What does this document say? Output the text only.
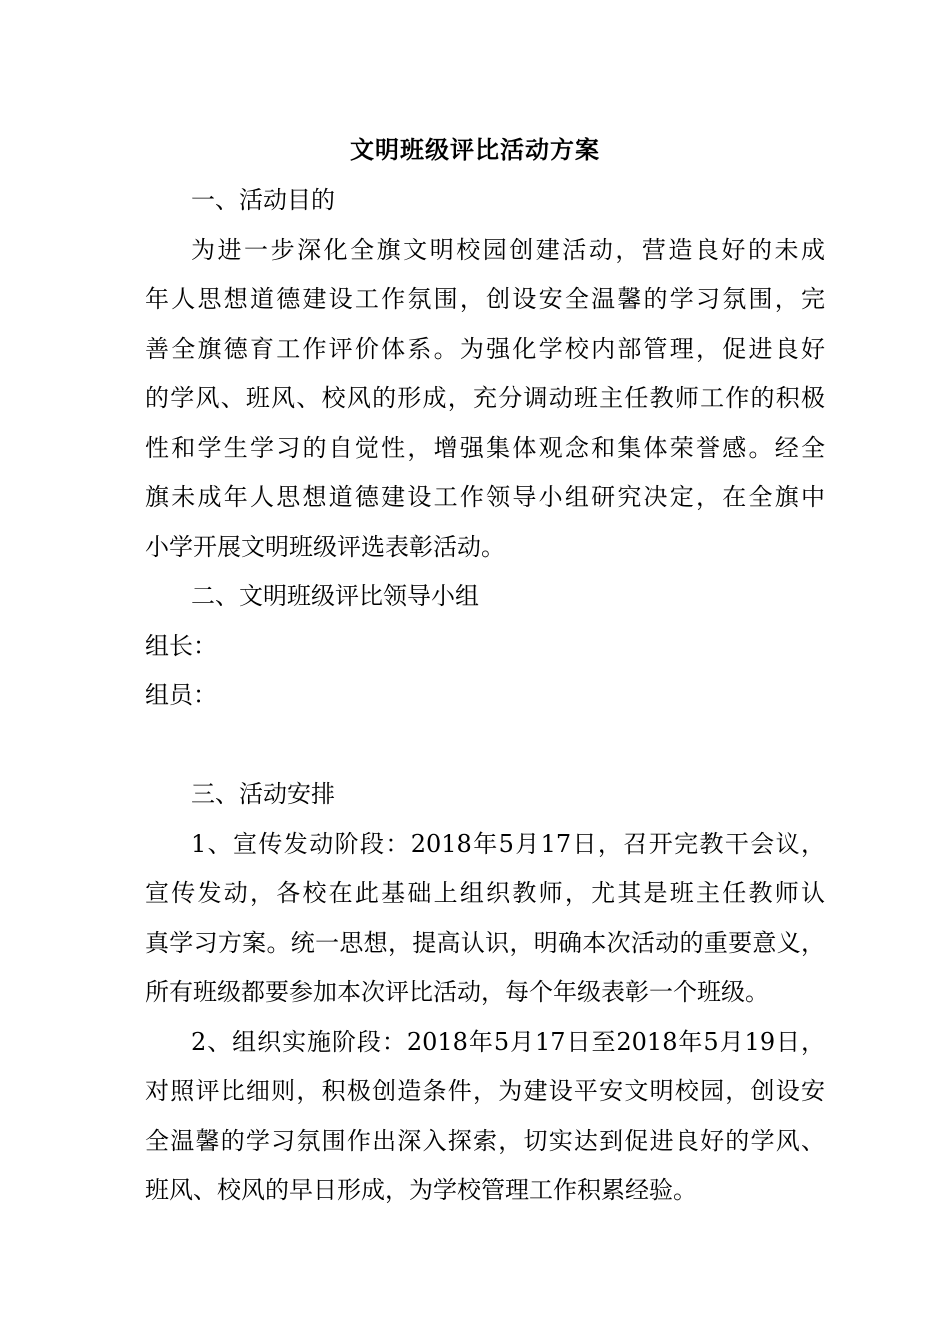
文明班级评比活动方案
一、活动目的
为进一步深化全旗文明校园创建活动，营造良好的未成
年人思想道德建设工作氛围，创设安全温馨的学习氛围，完
善全旗德育工作评价体系。为强化学校内部管理，促进良好
的学风、班风、校风的形成，充分调动班主任教师工作的积极
性和学生学习的自觉性，增强集体观念和集体荣誉感。经全
旗未成年人思想道德建设工作领导小组研究决定，在全旗中
小学开展文明班级评选表彰活动。
二、文明班级评比领导小组
组长：
组员：
三、活动安排
1、宣传发动阶段：2018年5月17日，召开完教干会议，
宣传发动，各校在此基础上组织教师，尤其是班主任教师认
真学习方案。统一思想，提高认识，明确本次活动的重要意义，
所有班级都要参加本次评比活动，每个年级表彰一个班级。
2、组织实施阶段：2018年5月17日至2018年5月19日，
对照评比细则，积极创造条件，为建设平安文明校园，创设安
全温馨的学习氛围作出深入探索，切实达到促进良好的学风、
班风、校风的早日形成，为学校管理工作积累经验。
